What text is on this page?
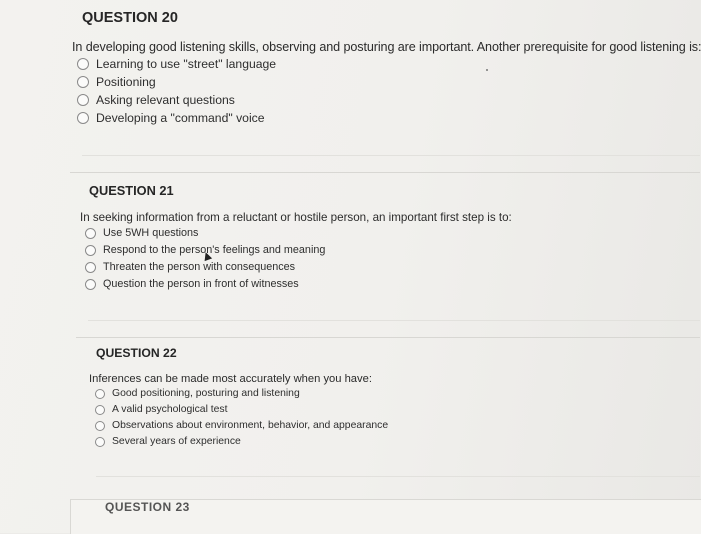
QUESTION 20
In developing good listening skills, observing and posturing are important. Another prerequisite for good listening is:
Learning to use "street" language
Positioning
Asking relevant questions
Developing a "command" voice
QUESTION 21
In seeking information from a reluctant or hostile person, an important first step is to:
Use 5WH questions
Respond to the person's feelings and meaning
Threaten the person with consequences
Question the person in front of witnesses
QUESTION 22
Inferences can be made most accurately when you have:
Good positioning, posturing and listening
A valid psychological test
Observations about environment, behavior, and appearance
Several years of experience
QUESTION 23
